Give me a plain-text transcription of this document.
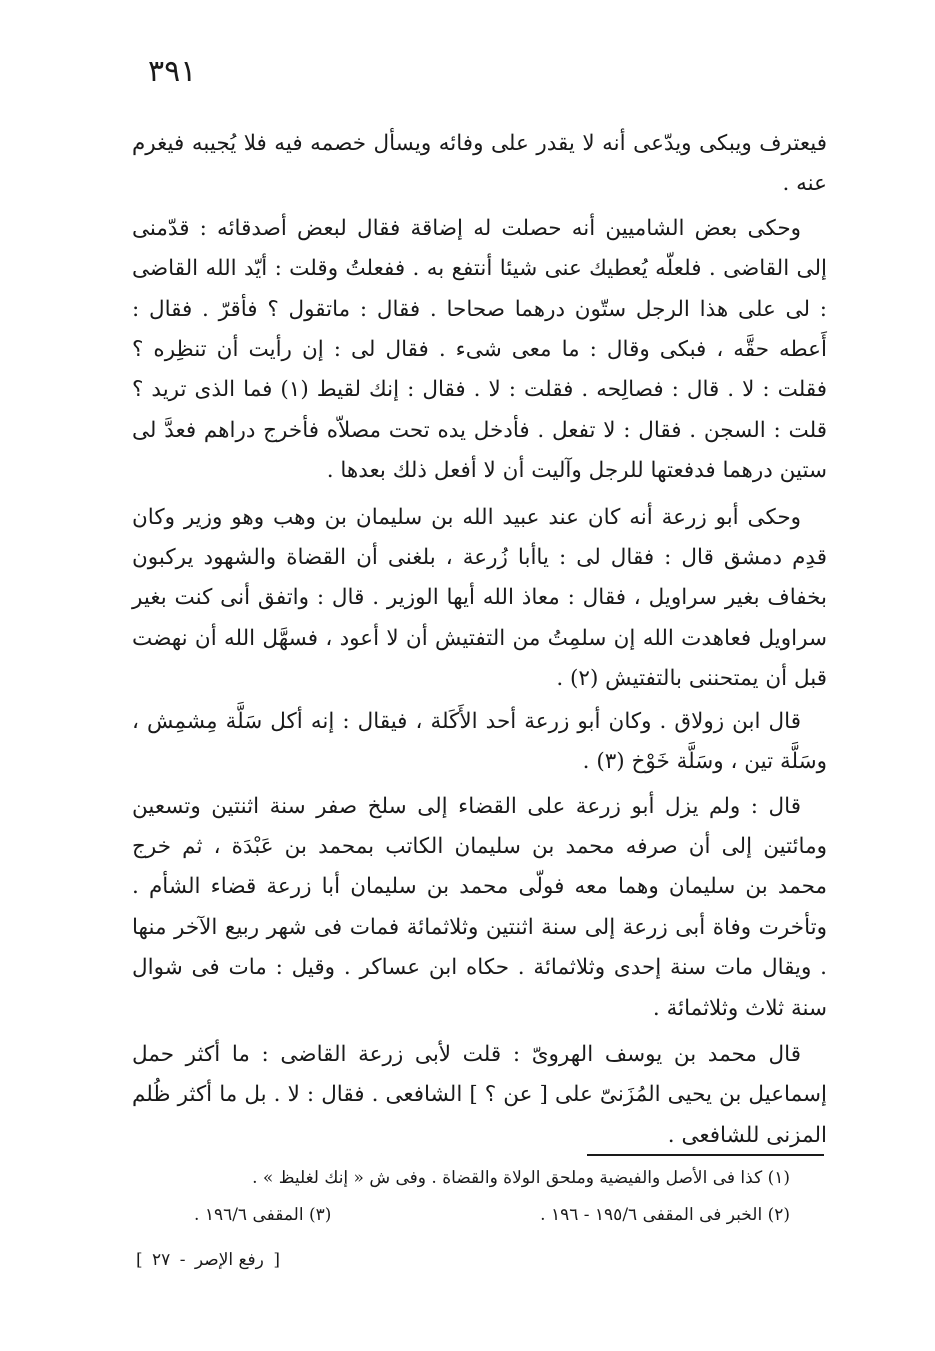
٣٩١

فيعترف ويبكى ويدّعى أنه لا يقدر على وفائه ويسأل خصمه فيه فلا يُجيبه فيغرم عنه .

وحكى بعض الشاميين أنه حصلت له إضاقة فقال لبعض أصدقائه : قدّمنى إلى القاضى . فلعلّه يُعطيك عنى شيئا أنتفع به . ففعلتُ وقلت : أيّد الله القاضى : لى على هذا الرجل ستّون درهما صحاحا . فقال : ماتقول ؟ فأقرّ . فقال : أَعطه حقَّه ، فبكى وقال : ما معى شىء . فقال لى : إن رأيت أن تنظِره ؟ فقلت : لا . قال : فصالِحه . فقلت : لا . فقال : إنك لقيط (١) فما الذى تريد ؟ قلت : السجن . فقال : لا تفعل . فأدخل يده تحت مصلاّه فأخرج دراهم فعدَّ لى ستين درهما فدفعتها للرجل وآليت أن لا أفعل ذلك بعدها .

وحكى أبو زرعة أنه كان عند عبيد الله بن سليمان بن وهب وهو وزير وكان قدِم دمشق قال : فقال لى : ياأبا زُرعة ، بلغنى أن القضاة والشهود يركبون بخفاف بغير سراويل ، فقال : معاذ الله أيها الوزير . قال : واتفق أنى كنت بغير سراويل فعاهدت الله إن سلمِتُ من التفتيش أن لا أعود ، فسهَّل الله أن نهضت قبل أن يمتحننى بالتفتيش (٢) .

قال ابن زولاق . وكان أبو زرعة أحد الأَكَلة ، فيقال : إنه أكل سَلَّة مِشمِش ، وسَلَّة تين ، وسَلَّة خَوْخ (٣) .

قال : ولم يزل أبو زرعة على القضاء إلى سلخ صفر سنة اثنتين وتسعين ومائتين إلى أن صرفه محمد بن سليمان الكاتب بمحمد بن عَبْدَة ، ثم خرج محمد بن سليمان وهما معه فولّى محمد بن سليمان أبا زرعة قضاء الشأم . وتأخرت وفاة أبى زرعة إلى سنة اثنتين وثلاثمائة فمات فى شهر ربيع الآخر منها . ويقال مات سنة إحدى وثلاثمائة . حكاه ابن عساكر . وقيل : مات فى شوال سنة ثلاث وثلاثمائة .

قال محمد بن يوسف الهروىّ : قلت لأبى زرعة القاضى : ما أكثر حمل إسماعيل بن يحيى المُزَنىّ على [ عن ؟ ] الشافعى . فقال : لا . بل ما أكثر ظُلم المزنى للشافعى .

(١) كذا فى الأصل والفيضية وملحق الولاة والقضاة . وفى ش « إنك لغليظ » .
(٢) الخبر فى المقفى ١٩٥/٦ - ١٩٦ .
(٣) المقفى ١٩٦/٦ .
[ رفع الإصر - ٢٧ ]
